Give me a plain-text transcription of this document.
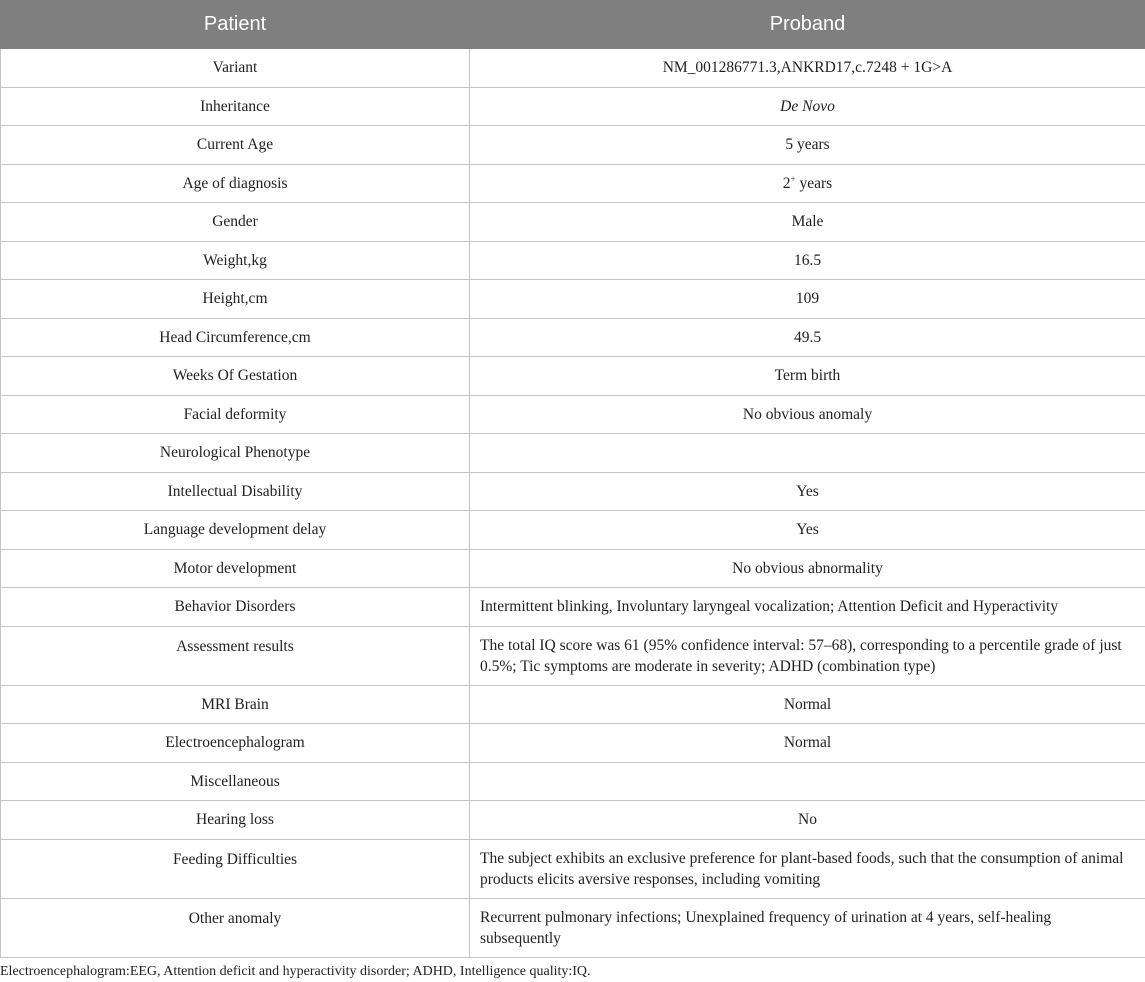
Patient	Proband
Variant	NM_001286771.3,ANKRD17,c.7248 + 1G>A
Inheritance	De Novo
Current Age	5 years
Age of diagnosis	2+ years
Gender	Male
Weight,kg	16.5
Height,cm	109
Head Circumference,cm	49.5
Weeks Of Gestation	Term birth
Facial deformity	No obvious anomaly
Neurological Phenotype	
Intellectual Disability	Yes
Language development delay	Yes
Motor development	No obvious abnormality
Behavior Disorders	Intermittent blinking, Involuntary laryngeal vocalization; Attention Deficit and Hyperactivity
Assessment results	The total IQ score was 61 (95% confidence interval: 57–68), corresponding to a percentile grade of just 0.5%; Tic symptoms are moderate in severity; ADHD (combination type)
MRI Brain	Normal
Electroencephalogram	Normal
Miscellaneous	
Hearing loss	No
Feeding Difficulties	The subject exhibits an exclusive preference for plant-based foods, such that the consumption of animal products elicits aversive responses, including vomiting
Other anomaly	Recurrent pulmonary infections; Unexplained frequency of urination at 4 years, self-healing subsequently
Electroencephalogram:EEG, Attention deficit and hyperactivity disorder; ADHD, Intelligence quality:IQ.
